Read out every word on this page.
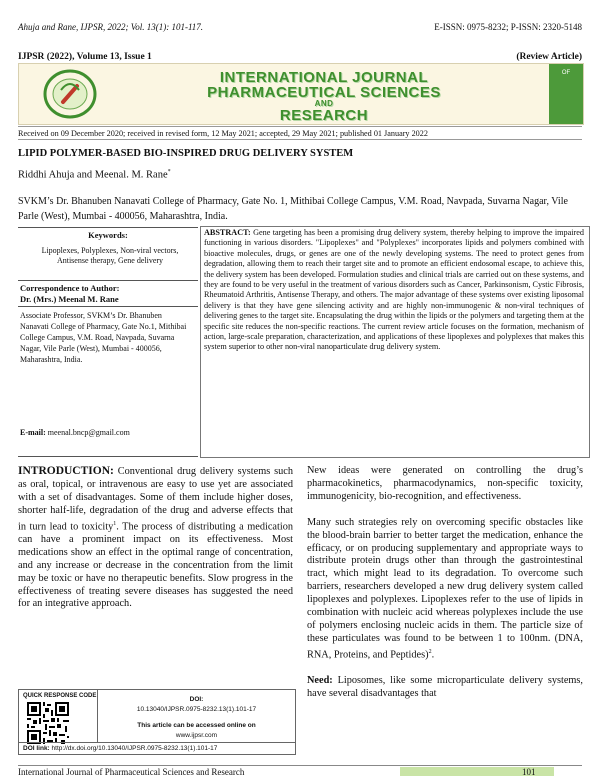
Ahuja and Rane, IJPSR, 2022; Vol. 13(1): 101-117.	E-ISSN: 0975-8232; P-ISSN: 2320-5148
IJPSR (2022), Volume 13, Issue 1	(Review Article)
INTERNATIONAL JOURNAL
PHARMACEUTICAL SCIENCES
AND
RESEARCH
OF
Received on 09 December 2020; received in revised form, 12 May 2021; accepted, 29 May 2021; published 01 January 2022
LIPID POLYMER-BASED BIO-INSPIRED DRUG DELIVERY SYSTEM
Riddhi Ahuja and Meenal. M. Rane*
SVKM’s Dr. Bhanuben Nanavati College of Pharmacy, Gate No. 1, Mithibai College Campus, V.M. Road, Navpada, Suvarna Nagar, Vile Parle (West), Mumbai - 400056, Maharashtra, India.
Keywords:
Lipoplexes, Polyplexes, Non-viral vectors, Antisense therapy, Gene delivery
Correspondence to Author:
Dr. (Mrs.) Meenal M. Rane
Associate Professor, SVKM’s Dr. Bhanuben Nanavati College of Pharmacy, Gate No.1, Mithibai College Campus, V.M. Road, Navpada, Suvarna Nagar, Vile Parle (West), Mumbai - 400056, Maharashtra, India.
E-mail: meenal.bncp@gmail.com
ABSTRACT: Gene targeting has been a promising drug delivery system, thereby helping to improve the impaired functioning in various disorders. "Lipoplexes" and "Polyplexes" incorporates lipids and polymers combined with bioactive molecules, drugs, or genes are one of the newly developing systems. The need to protect genes from degradation, allowing them to reach their target site and to promote an efficient endosomal escape, to achieve this, the delivery system has been developed. Formulation studies and clinical trials are carried out on these systems, and they are found to be very useful in the treatment of various disorders such as Cancer, Parkinsonism, Cystic Fibrosis, Rheumatoid Arthritis, Antisense Therapy, and others. The major advantage of these systems over existing liposomal delivery is that they have gene silencing activity and are highly non-immunogenic & non-viral techniques of delivering genes to the target site. Encapsulating the drug within the lipids or the polymers and targeting them at the specific site reduces the non-specific reactions. The current review article focuses on the formation, mechanism of action, large-scale preparation, characterization, and applications of these lipoplexes and polyplexes that makes this system superior to other non-viral nanoparticulate drug delivery system.

INTRODUCTION: Conventional drug delivery systems such as oral, topical, or intravenous are easy to use yet are associated with a set of disadvantages. Some of them include higher doses, shorter half-life, degradation of the drug and adverse effects that in turn lead to toxicity$^1$. The process of distributing a medication can have a prominent impact on its effectiveness. Most medications show an effect in the optimal range of concentration, and any increase or decrease in the concentration from the limit may be toxic or have no therapeutic benefits. Slow progress in the effectiveness of treating severe diseases has suggested the need for an integrative approach.

New ideas were generated on controlling the drug’s pharmacokinetics, pharmacodynamics, non-specific toxicity, immunogenicity, bio-recognition, and effectiveness.

Many such strategies rely on overcoming specific obstacles like the blood-brain barrier to better target the medication, enhance the efficacy, or on producing supplementary and appropriate ways to distribute protein drugs other than through the gastrointestinal tract, which might lead to its degradation. To overcome such barriers, researchers developed a new drug delivery system called lipoplexes and polyplexes. Lipoplexes refer to the use of lipids in combination with nucleic acid whereas polyplexes include the use of polymers enclosing nucleic acids in them. The particle size of these particulates was found to be between 1 to 100nm. (DNA, RNA, Proteins, and Peptides)$^2$.

Need: Liposomes, like some microparticulate delivery systems, have several disadvantages that

QUICK RESPONSE CODE	DOI:
10.13040/IJPSR.0975-8232.13(1).101-17
This article can be accessed online on
www.ijpsr.com
DOI link: http://dx.doi.org/10.13040/IJPSR.0975-8232.13(1).101-17
International Journal of Pharmaceutical Sciences and Research	101
